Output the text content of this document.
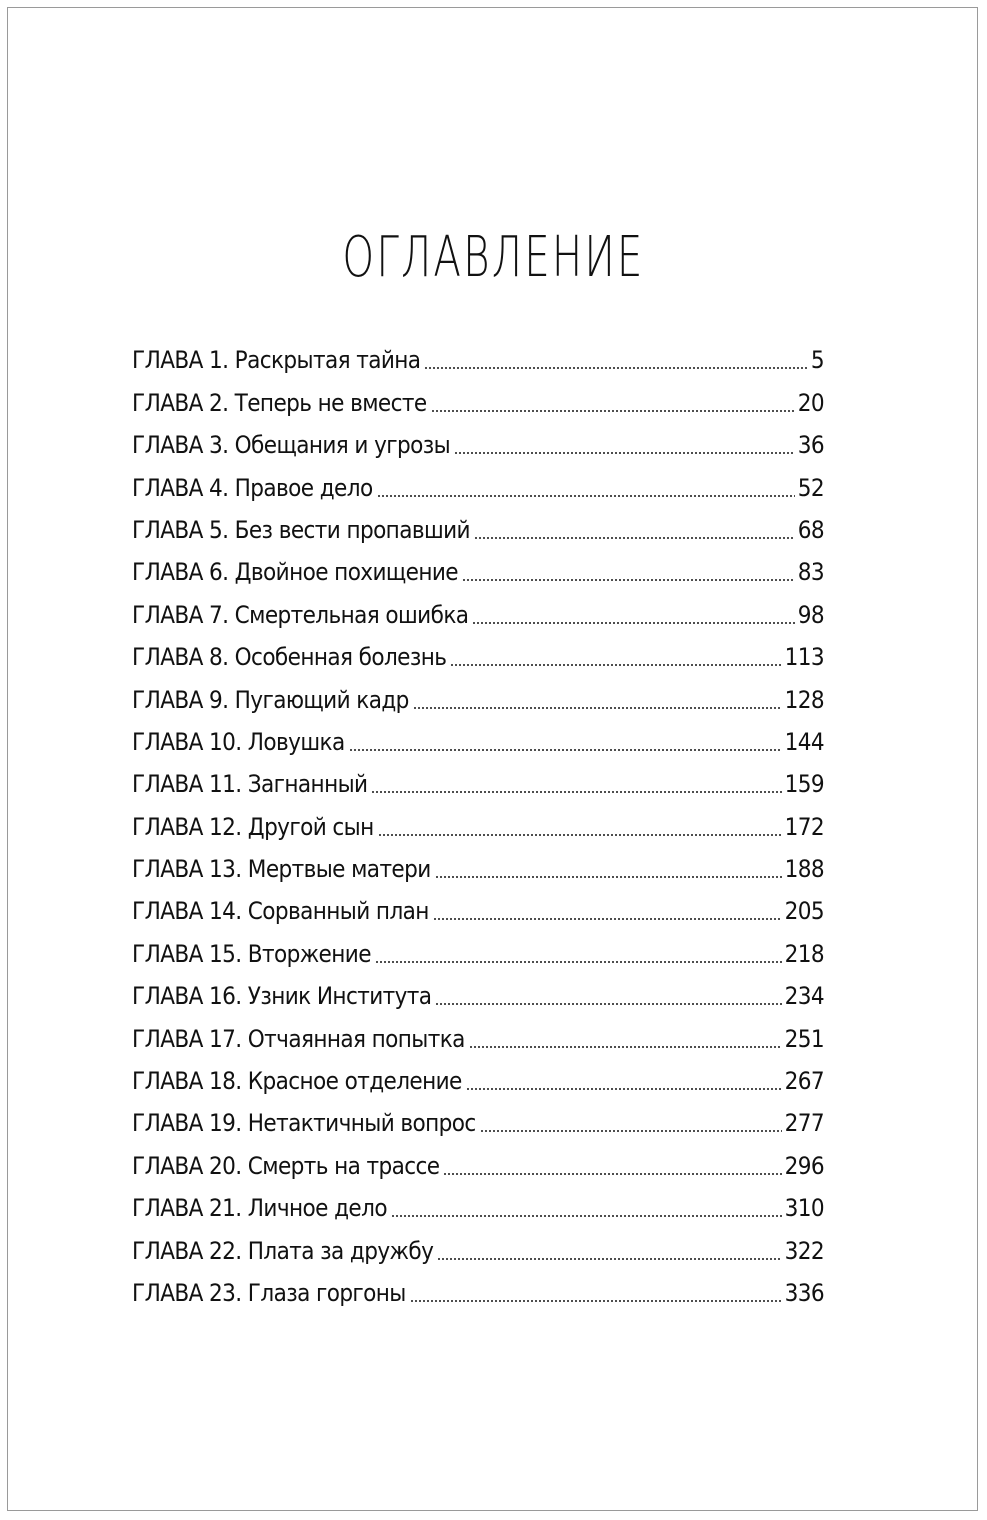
ОГЛАВЛЕНИЕ
ГЛАВА 1. Раскрытая тайна	5
ГЛАВА 2. Теперь не вместе	20
ГЛАВА 3. Обещания и угрозы	36
ГЛАВА 4. Правое дело	52
ГЛАВА 5. Без вести пропавший	68
ГЛАВА 6. Двойное похищение	83
ГЛАВА 7. Смертельная ошибка	98
ГЛАВА 8. Особенная болезнь	113
ГЛАВА 9. Пугающий кадр	128
ГЛАВА 10. Ловушка	144
ГЛАВА 11. Загнанный	159
ГЛАВА 12. Другой сын	172
ГЛАВА 13. Мертвые матери	188
ГЛАВА 14. Сорванный план	205
ГЛАВА 15. Вторжение	218
ГЛАВА 16. Узник Института	234
ГЛАВА 17. Отчаянная попытка	251
ГЛАВА 18. Красное отделение	267
ГЛАВА 19. Нетактичный вопрос	277
ГЛАВА 20. Смерть на трассе	296
ГЛАВА 21. Личное дело	310
ГЛАВА 22. Плата за дружбу	322
ГЛАВА 23. Глаза горгоны	336
